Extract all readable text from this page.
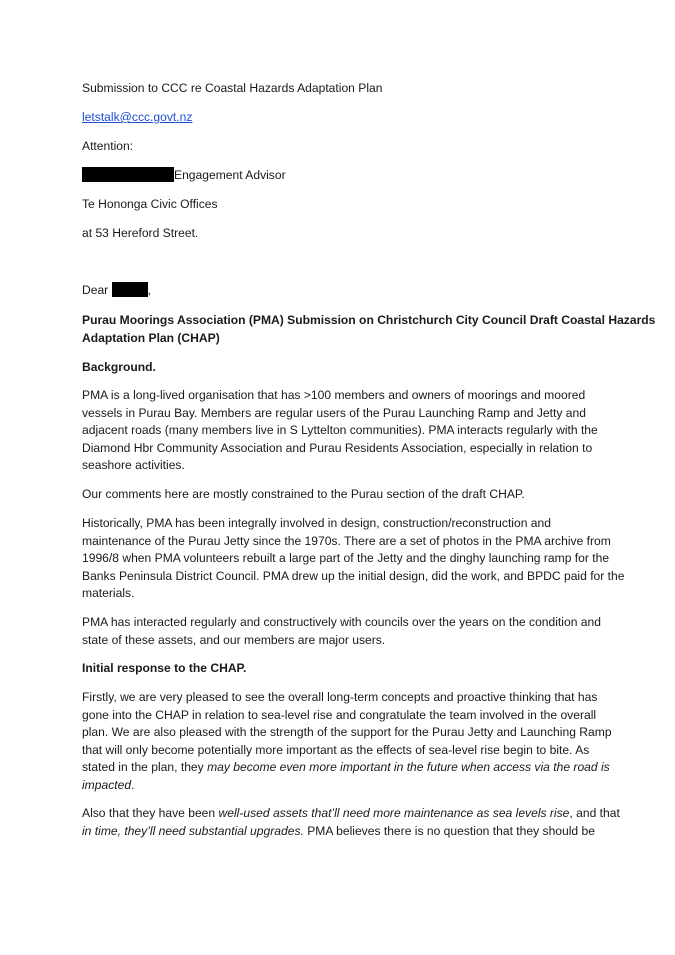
Submission to CCC re Coastal Hazards Adaptation Plan
letstalk@ccc.govt.nz
Attention:
Engagement Advisor
Te Hononga Civic Offices
at 53 Hereford Street.
Dear	,
Purau Moorings Association (PMA) Submission on Christchurch City Council Draft Coastal Hazards
Adaptation Plan (CHAP)
Background.
PMA is a long-lived organisation that has >100 members and owners of moorings and moored
vessels in Purau Bay. Members are regular users of the Purau Launching Ramp and Jetty and
adjacent roads (many members live in S Lyttelton communities). PMA interacts regularly with the
Diamond Hbr Community Association and Purau Residents Association, especially in relation to
seashore activities.
Our comments here are mostly constrained to the Purau section of the draft CHAP.
Historically, PMA has been integrally involved in design, construction/reconstruction and
maintenance of the Purau Jetty since the 1970s. There are a set of photos in the PMA archive from
1996/8 when PMA volunteers rebuilt a large part of the Jetty and the dinghy launching ramp for the
Banks Peninsula District Council. PMA drew up the initial design, did the work, and BPDC paid for the
materials.
PMA has interacted regularly and constructively with councils over the years on the condition and
state of these assets, and our members are major users.
Initial response to the CHAP.
Firstly, we are very pleased to see the overall long-term concepts and proactive thinking that has
gone into the CHAP in relation to sea-level rise and congratulate the team involved in the overall
plan. We are also pleased with the strength of the support for the Purau Jetty and Launching Ramp
that will only become potentially more important as the effects of sea-level rise begin to bite. As
stated in the plan, they may become even more important in the future when access via the road is
impacted.
Also that they have been well-used assets that’ll need more maintenance as sea levels rise, and that
in time, they’ll need substantial upgrades. PMA believes there is no question that they should be
